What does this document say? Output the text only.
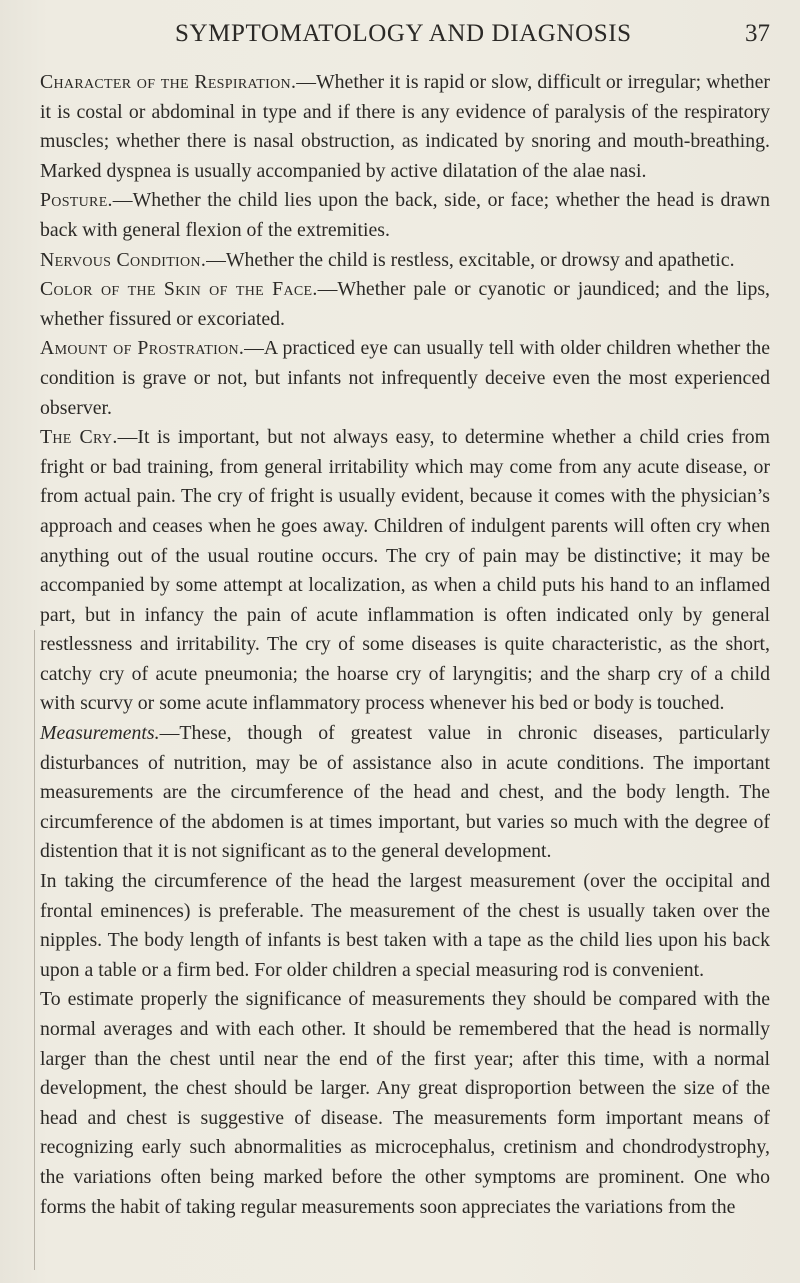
SYMPTOMATOLOGY AND DIAGNOSIS	37

Character of the Respiration.—Whether it is rapid or slow, difficult or irregular; whether it is costal or abdominal in type and if there is any evidence of paralysis of the respiratory muscles; whether there is nasal obstruction, as indicated by snoring and mouth-breathing. Marked dyspnea is usually accompanied by active dilatation of the alae nasi.

Posture.—Whether the child lies upon the back, side, or face; whether the head is drawn back with general flexion of the extremities.

Nervous Condition.—Whether the child is restless, excitable, or drowsy and apathetic.

Color of the Skin of the Face.—Whether pale or cyanotic or jaundiced; and the lips, whether fissured or excoriated.

Amount of Prostration.—A practiced eye can usually tell with older children whether the condition is grave or not, but infants not infrequently deceive even the most experienced observer.

The Cry.—It is important, but not always easy, to determine whether a child cries from fright or bad training, from general irritability which may come from any acute disease, or from actual pain. The cry of fright is usually evident, because it comes with the physician’s approach and ceases when he goes away. Children of indulgent parents will often cry when anything out of the usual routine occurs. The cry of pain may be distinctive; it may be accompanied by some attempt at localization, as when a child puts his hand to an inflamed part, but in infancy the pain of acute inflammation is often indicated only by general restlessness and irritability. The cry of some diseases is quite characteristic, as the short, catchy cry of acute pneumonia; the hoarse cry of laryngitis; and the sharp cry of a child with scurvy or some acute inflammatory process whenever his bed or body is touched.

Measurements.—These, though of greatest value in chronic diseases, particularly disturbances of nutrition, may be of assistance also in acute conditions. The important measurements are the circumference of the head and chest, and the body length. The circumference of the abdomen is at times important, but varies so much with the degree of distention that it is not significant as to the general development.

In taking the circumference of the head the largest measurement (over the occipital and frontal eminences) is preferable. The measurement of the chest is usually taken over the nipples. The body length of infants is best taken with a tape as the child lies upon his back upon a table or a firm bed. For older children a special measuring rod is convenient.

To estimate properly the significance of measurements they should be compared with the normal averages and with each other. It should be remembered that the head is normally larger than the chest until near the end of the first year; after this time, with a normal development, the chest should be larger. Any great disproportion between the size of the head and chest is suggestive of disease. The measurements form important means of recognizing early such abnormalities as microcephalus, cretinism and chondrodystrophy, the variations often being marked before the other symptoms are prominent. One who forms the habit of taking regular measurements soon appreciates the variations from the
